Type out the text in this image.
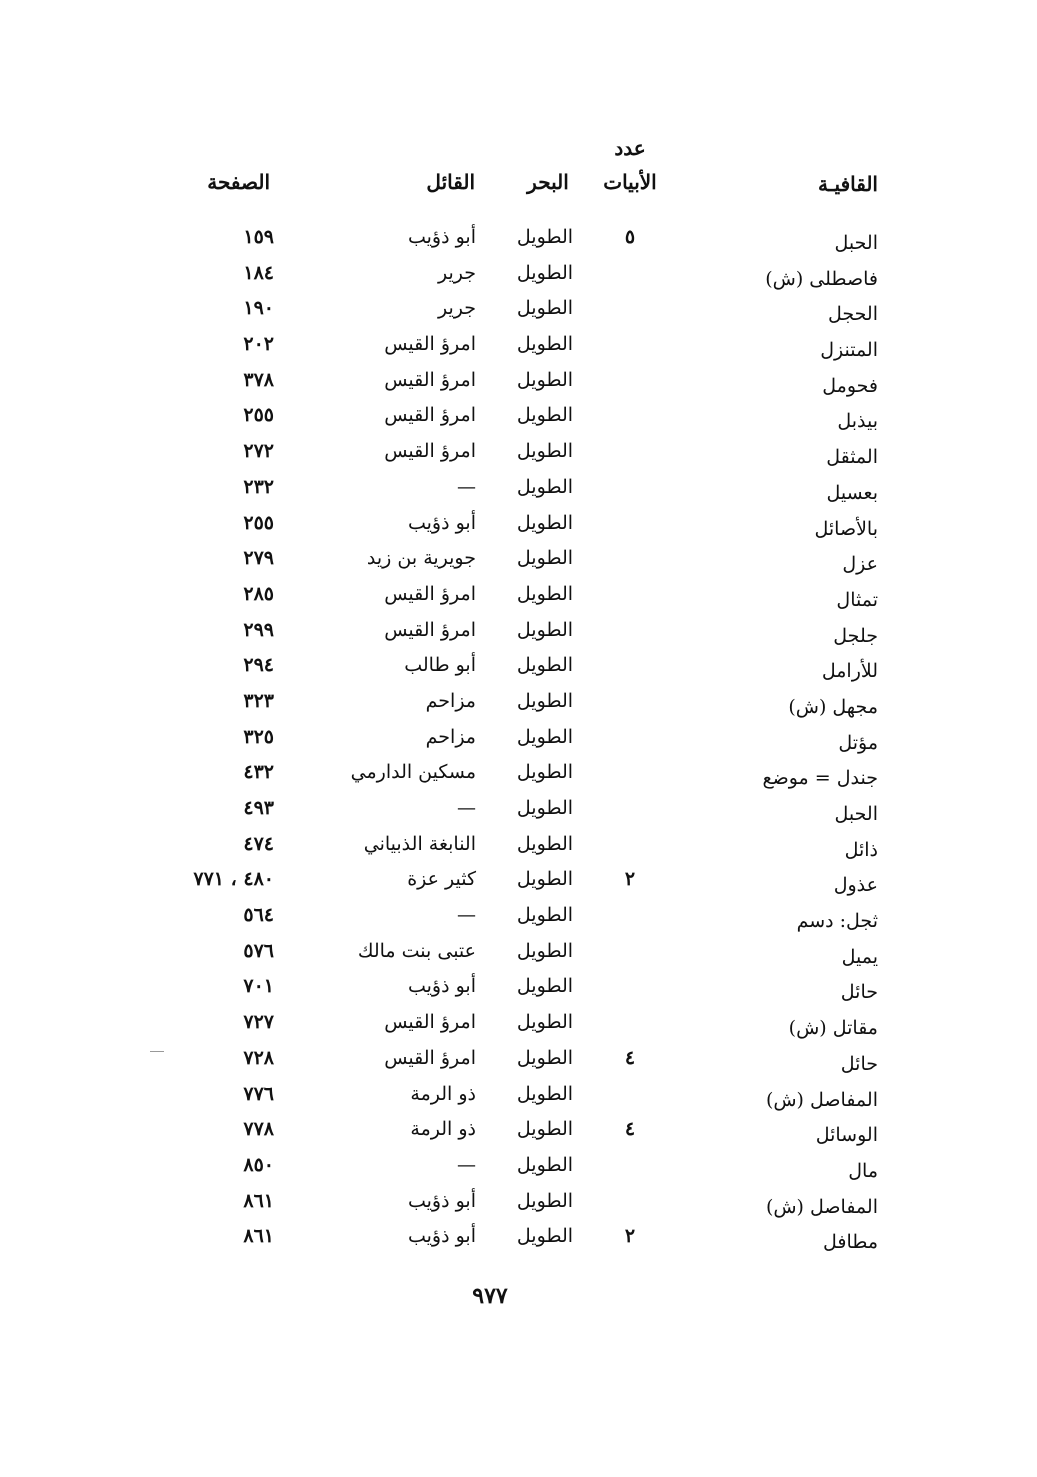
عدد
القافيـة
الأبيات
البحر
القائل
الصفحة
الحبل
٥
الطويل
أبو ذؤيب
١٥٩
فاصطلى (ش)
الطويل
جرير
١٨٤
الحجل
الطويل
جرير
١٩٠
المتنزل
الطويل
امرؤ القيس
٢٠٢
فحومل
الطويل
امرؤ القيس
٣٧٨
بيذبل
الطويل
امرؤ القيس
٢٥٥
المثقل
الطويل
امرؤ القيس
٢٧٢
بعسيل
الطويل
—
٢٣٢
بالأصائل
الطويل
أبو ذؤيب
٢٥٥
عزل
الطويل
جويرية بن زيد
٢٧٩
تمثال
الطويل
امرؤ القيس
٢٨٥
جلجل
الطويل
امرؤ القيس
٢٩٩
للأرامل
الطويل
أبو طالب
٢٩٤
مجهل (ش)
الطويل
مزاحم
٣٢٣
مؤتل
الطويل
مزاحم
٣٢٥
جندل = موضع
الطويل
مسكين الدارمي
٤٣٢
الحبل
الطويل
—
٤٩٣
ذائل
الطويل
النابغة الذبياني
٤٧٤
عذول
٢
الطويل
كثير عزة
٤٨٠ ، ٧٧١
ثجل: دسم
الطويل
—
٥٦٤
يميل
الطويل
عتبى بنت مالك
٥٧٦
حائل
الطويل
أبو ذؤيب
٧٠١
مقاتل (ش)
الطويل
امرؤ القيس
٧٢٧
حائل
٤
الطويل
امرؤ القيس
٧٢٨
المفاصل (ش)
الطويل
ذو الرمة
٧٧٦
الوسائل
٤
الطويل
ذو الرمة
٧٧٨
مال
الطويل
—
٨٥٠
المفاصل (ش)
الطويل
أبو ذؤيب
٨٦١
مطافل
٢
الطويل
أبو ذؤيب
٨٦١
٩٧٧
